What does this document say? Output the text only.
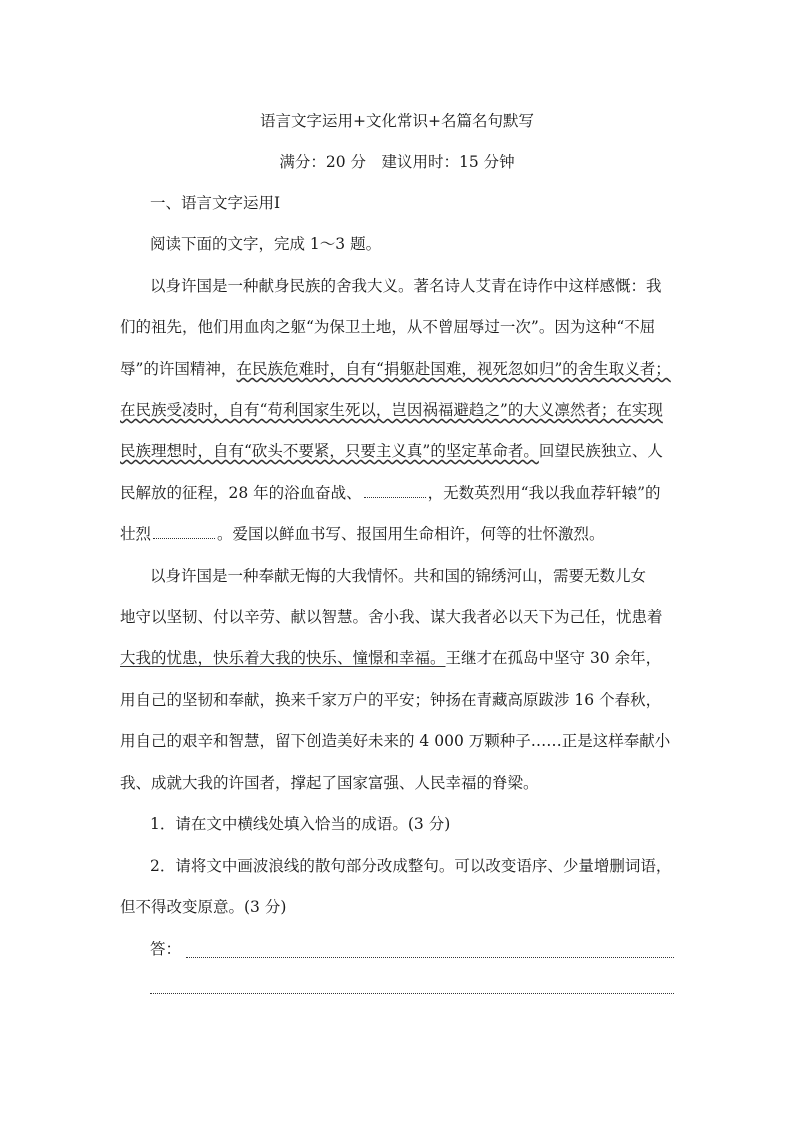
语言文字运用+文化常识+名篇名句默写
满分：20 分　建议用时：15 分钟
一、语言文字运用Ⅰ
阅读下面的文字，完成 1～3 题。
以身许国是一种献身民族的舍我大义。著名诗人艾青在诗作中这样感慨：我
们的祖先，他们用血肉之躯“为保卫土地，从不曾屈辱过一次”。因为这种“不屈
辱”的许国精神，在民族危难时，自有“捐躯赴国难，视死忽如归”的舍生取义者；
在民族受凌时，自有“苟利国家生死以，岂因祸福避趋之”的大义凛然者；在实现
民族理想时，自有“砍头不要紧，只要主义真”的坚定革命者。回望民族独立、人
民解放的征程，28 年的浴血奋战、	，无数英烈用“我以我血荐轩辕”的
壮烈	。爱国以鲜血书写、报国用生命相许，何等的壮怀激烈。
以身许国是一种奉献无悔的大我情怀。共和国的锦绣河山，需要无数儿女
地守以坚韧、付以辛劳、献以智慧。舍小我、谋大我者必以天下为己任，忧患着
大我的忧患，快乐着大我的快乐、憧憬和幸福。王继才在孤岛中坚守 30 余年，
用自己的坚韧和奉献，换来千家万户的平安；钟扬在青藏高原跋涉 16 个春秋，
用自己的艰辛和智慧，留下创造美好未来的 4 000 万颗种子……正是这样奉献小
我、成就大我的许国者，撑起了国家富强、人民幸福的脊梁。
1．请在文中横线处填入恰当的成语。(3 分)
2．请将文中画波浪线的散句部分改成整句。可以改变语序、少量增删词语，
但不得改变原意。(3 分)
答：
